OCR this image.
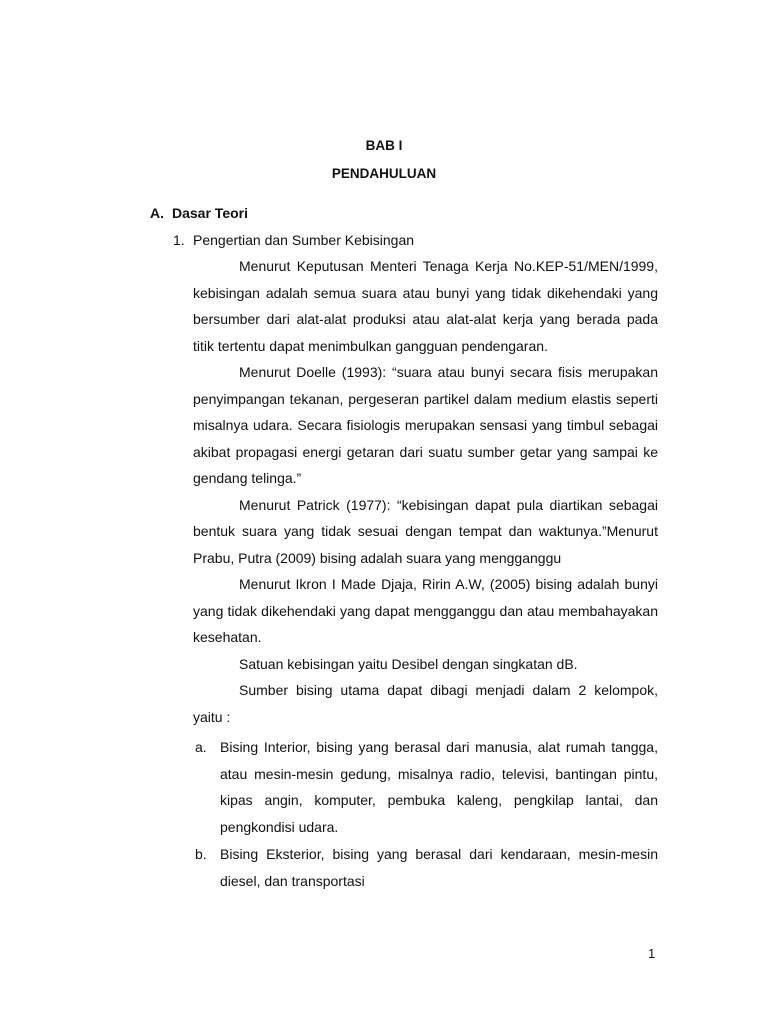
BAB I
PENDAHULUAN
A. Dasar Teori
1. Pengertian dan Sumber Kebisingan

Menurut Keputusan Menteri Tenaga Kerja No.KEP-51/MEN/1999, kebisingan adalah semua suara atau bunyi yang tidak dikehendaki yang bersumber dari alat-alat produksi atau alat-alat kerja yang berada pada titik tertentu dapat menimbulkan gangguan pendengaran.

Menurut Doelle (1993): “suara atau bunyi secara fisis merupakan penyimpangan tekanan, pergeseran partikel dalam medium elastis seperti misalnya udara. Secara fisiologis merupakan sensasi yang timbul sebagai akibat propagasi energi getaran dari suatu sumber getar yang sampai ke gendang telinga.”

Menurut Patrick (1977): “kebisingan dapat pula diartikan sebagai bentuk suara yang tidak sesuai dengan tempat dan waktunya.”Menurut Prabu, Putra (2009) bising adalah suara yang mengganggu

Menurut Ikron I Made Djaja, Ririn A.W, (2005) bising adalah bunyi yang tidak dikehendaki yang dapat mengganggu dan atau membahayakan kesehatan.

Satuan kebisingan yaitu Desibel dengan singkatan dB.

Sumber bising utama dapat dibagi menjadi dalam 2 kelompok, yaitu :

a. Bising Interior, bising yang berasal dari manusia, alat rumah tangga, atau mesin-mesin gedung, misalnya radio, televisi, bantingan pintu, kipas angin, komputer, pembuka kaleng, pengkilap lantai, dan pengkondisi udara.
b. Bising Eksterior, bising yang berasal dari kendaraan, mesin-mesin diesel, dan transportasi
1
